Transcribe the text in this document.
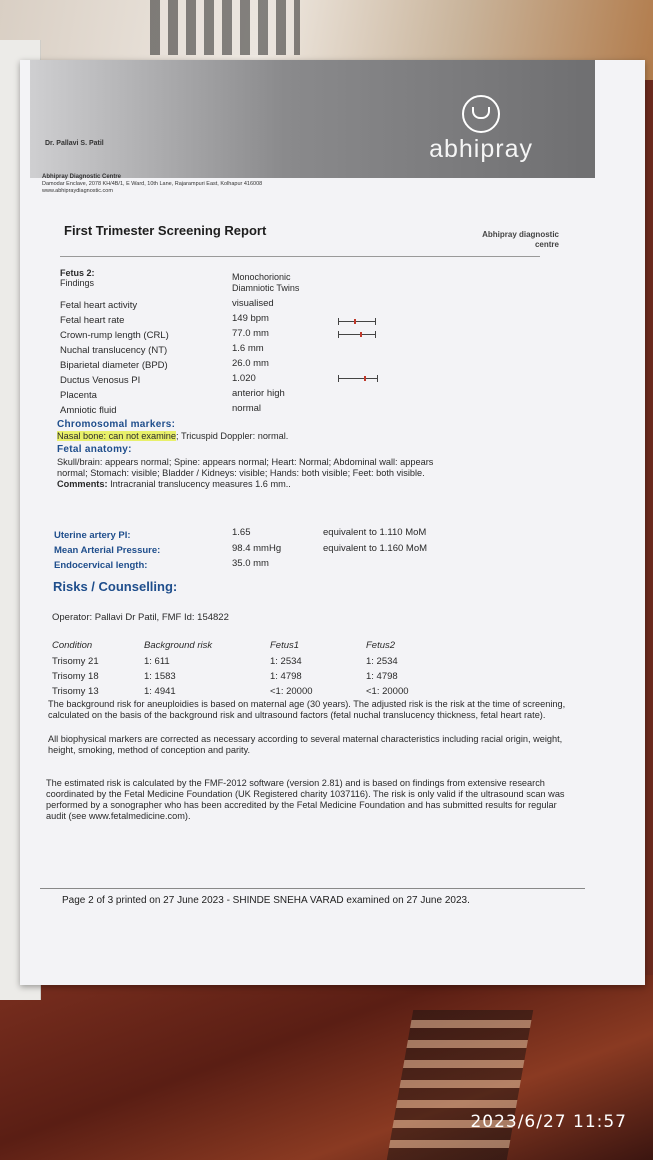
Dr. Pallavi S. Patil	abhipray
Abhipray Diagnostic Centre
Damodar Enclave, 2078 KH/4B/1, E Ward, 10th Lane, Rajarampuri East, Kolhapur 416008
www.abhipraydiagnostic.com
First Trimester Screening Report	Abhipray diagnostic
centre
Fetus 2:
Findings
Monochorionic
Diamniotic Twins
Fetal heart activity	visualised
Fetal heart rate	149 bpm
Crown-rump length (CRL)	77.0 mm
Nuchal translucency (NT)	1.6 mm
Biparietal diameter (BPD)	26.0 mm
Ductus Venosus PI	1.020
Placenta	anterior high
Amniotic fluid	normal
Chromosomal markers:
Nasal bone: can not examine; Tricuspid Doppler: normal.
Fetal anatomy:
Skull/brain: appears normal; Spine: appears normal; Heart: Normal; Abdominal wall: appears
normal; Stomach: visible; Bladder / Kidneys: visible; Hands: both visible; Feet: both visible.
Comments: Intracranial translucency measures 1.6 mm..
Uterine artery PI:	1.65	equivalent to 1.110 MoM
Mean Arterial Pressure:	98.4 mmHg	equivalent to 1.160 MoM
Endocervical length:	35.0 mm
Risks / Counselling:
Operator: Pallavi Dr Patil, FMF Id: 154822
Condition	Background risk	Fetus1	Fetus2
Trisomy 21	1: 611	1: 2534	1: 2534
Trisomy 18	1: 1583	1: 4798	1: 4798
Trisomy 13	1: 4941	<1: 20000	<1: 20000
The background risk for aneuploidies is based on maternal age (30 years). The adjusted risk is the risk at the time of screening, calculated on the basis of the background risk and ultrasound factors (fetal nuchal translucency thickness, fetal heart rate).
All biophysical markers are corrected as necessary according to several maternal characteristics including racial origin, weight, height, smoking, method of conception and parity.
The estimated risk is calculated by the FMF-2012 software (version 2.81) and is based on findings from extensive research coordinated by the Fetal Medicine Foundation (UK Registered charity 1037116). The risk is only valid if the ultrasound scan was performed by a sonographer who has been accredited by the Fetal Medicine Foundation and has submitted results for regular audit (see www.fetalmedicine.com).
Page 2 of 3 printed on 27 June 2023 - SHINDE SNEHA VARAD examined on 27 June 2023.
2023/6/27 11:57
